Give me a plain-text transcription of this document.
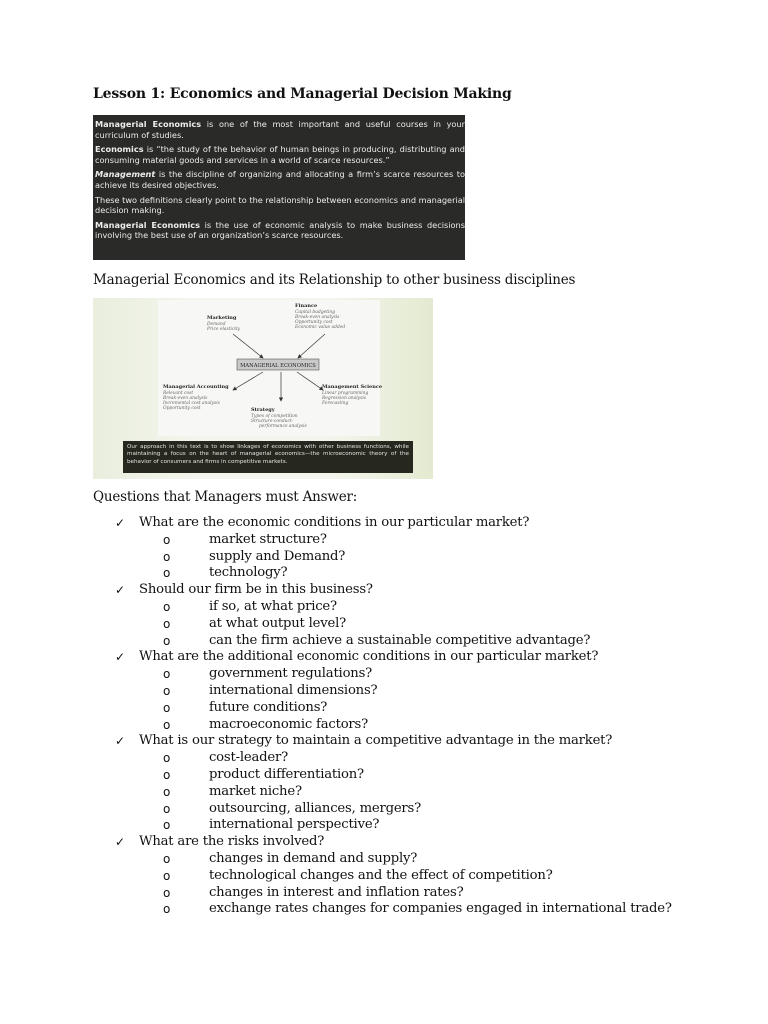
Lesson 1: Economics and Managerial Decision Making

Managerial Economics is one of the most important and useful courses in your curriculum of studies.

Economics is “the study of the behavior of human beings in producing, distributing and consuming material goods and services in a world of scarce resources.”

Management is the discipline of organizing and allocating a firm’s scarce resources to achieve its desired objectives.

These two definitions clearly point to the relationship between economics and managerial decision making.

Managerial Economics is the use of economic analysis to make business decisions involving the best use of an organization’s scarce resources.

Managerial Economics and its Relationship to other business disciplines
MANAGERIAL ECONOMICS
Marketing
Demand
Price elasticity
Finance
Capital budgeting
Break-even analysis
Opportunity cost
Economic value added
Managerial Accounting
Relevant cost
Break-even analysis
Incremental cost analysis
Opportunity cost	Strategy
Types of competition
Structure-conduct-
performance analysis
Management Science
Linear programming
Regression analysis
Forecasting
Our approach in this text is to show linkages of economics with other business functions, while maintaining a focus on the heart of managerial economics—the microeconomic theory of the behavior of consumers and firms in competitive markets.
Questions that Managers must Answer:
✓ What are the economic conditions in our particular market?
o	market structure?
o	supply and Demand?
o	technology?
✓ Should our firm be in this business?
o	if so, at what price?
o	at what output level?
o	can the firm achieve a sustainable competitive advantage?
✓ What are the additional economic conditions in our particular market?
o	government regulations?
o	international dimensions?
o	future conditions?
o	macroeconomic factors?
✓ What is our strategy to maintain a competitive advantage in the market?
o	cost-leader?
o	product differentiation?
o	market niche?
o	outsourcing, alliances, mergers?
o	international perspective?
✓ What are the risks involved?
o	changes in demand and supply?
o	technological changes and the effect of competition?
o	changes in interest and inflation rates?
o	exchange rates changes for companies engaged in international trade?
